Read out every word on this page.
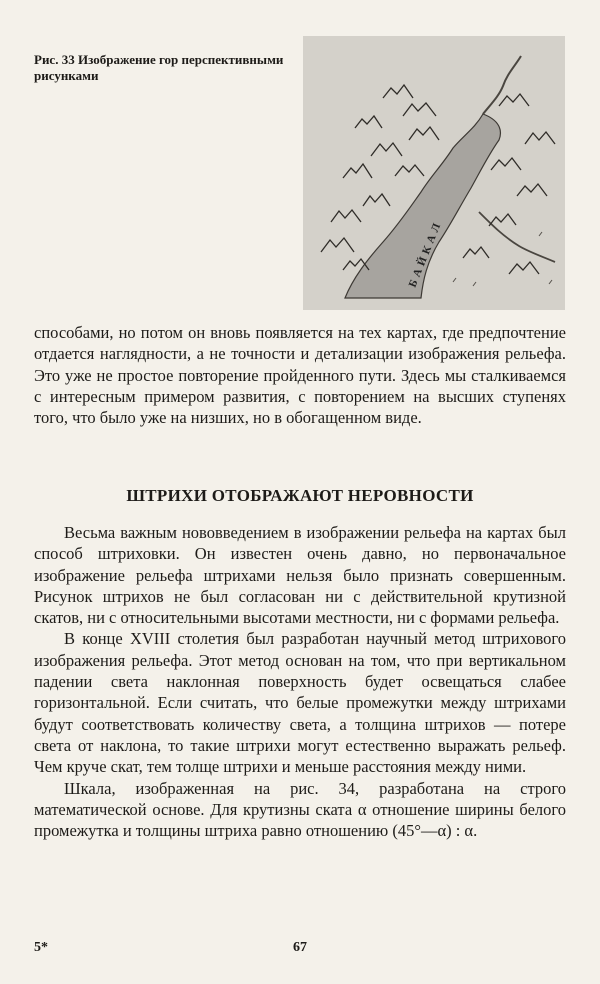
Рис. 33 Изображение гор перспективными рисунками
БАЙКАЛ

способами, но потом он вновь появляется на тех картах, где предпочтение отдается наглядности, а не точности и детализации изображения рельефа. Это уже не простое повторение пройденного пути. Здесь мы сталкиваемся с интересным примером развития, с повторением на высших ступенях того, что было уже на низших, но в обогащенном виде.

ШТРИХИ ОТОБРАЖАЮТ НЕРОВНОСТИ

Весьма важным нововведением в изображении рельефа на картах был способ штриховки. Он известен очень давно, но первоначальное изображение рельефа штрихами нельзя было признать совершенным. Рисунок штрихов не был согласован ни с действительной крутизной скатов, ни с относительными высотами местности, ни с формами рельефа.

В конце XVIII столетия был разработан научный метод штрихового изображения рельефа. Этот метод основан на том, что при вертикальном падении света наклонная поверхность будет освещаться слабее горизонтальной. Если считать, что белые промежутки между штрихами будут соответствовать количеству света, а толщина штрихов — потере света от наклона, то такие штрихи могут естественно выражать рельеф. Чем круче скат, тем толще штрихи и меньше расстояния между ними.

Шкала, изображенная на рис. 34, разработана на строго математической основе. Для крутизны ската α отношение ширины белого промежутка и толщины штриха равно отношению (45°—α) : α.

5*	67
